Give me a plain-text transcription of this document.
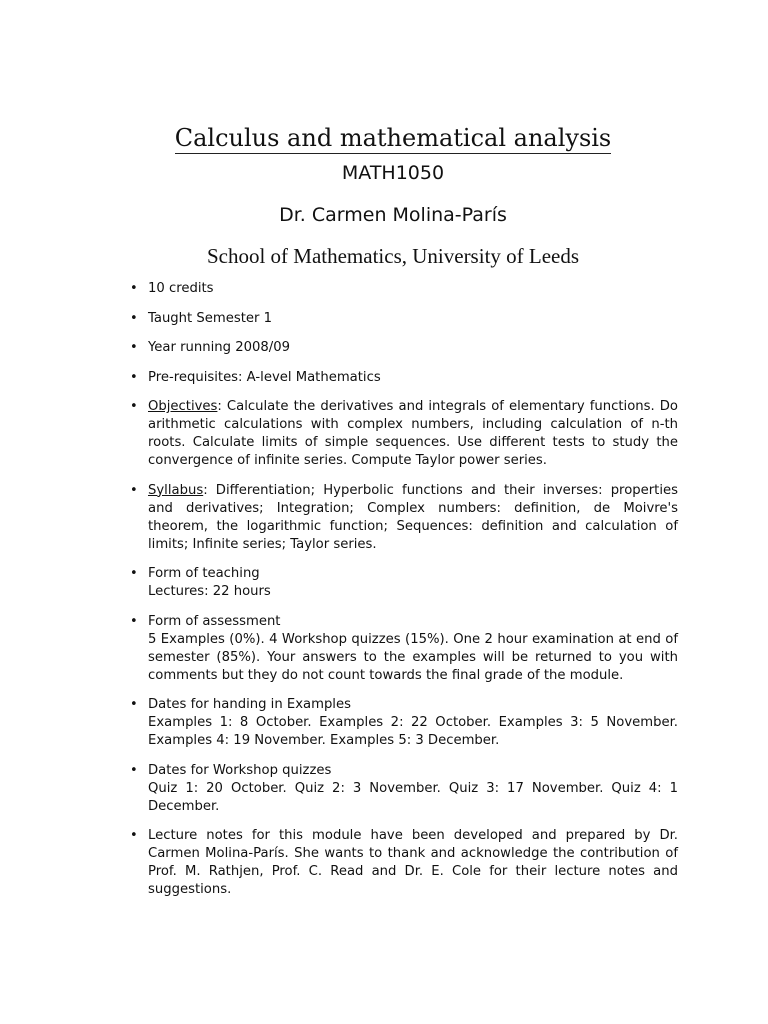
Calculus and mathematical analysis
MATH1050
Dr. Carmen Molina-París
School of Mathematics, University of Leeds
• 10 credits
• Taught Semester 1
• Year running 2008/09
• Pre-requisites: A-level Mathematics
• Objectives: Calculate the derivatives and integrals of elementary functions. Do arithmetic calculations with complex numbers, including calculation of n-th roots. Calculate limits of simple sequences. Use different tests to study the convergence of infinite series. Compute Taylor power series.
• Syllabus: Differentiation; Hyperbolic functions and their inverses: properties and derivatives; Integration; Complex numbers: definition, de Moivre's theorem, the logarithmic function; Sequences: definition and calculation of limits; Infinite series; Taylor series.
• Form of teaching
Lectures: 22 hours
• Form of assessment
5 Examples (0%). 4 Workshop quizzes (15%). One 2 hour examination at end of semester (85%). Your answers to the examples will be returned to you with comments but they do not count towards the final grade of the module.
• Dates for handing in Examples
Examples 1: 8 October. Examples 2: 22 October. Examples 3: 5 November. Examples 4: 19 November. Examples 5: 3 December.
• Dates for Workshop quizzes
Quiz 1: 20 October. Quiz 2: 3 November. Quiz 3: 17 November. Quiz 4: 1 December.
• Lecture notes for this module have been developed and prepared by Dr. Carmen Molina-París. She wants to thank and acknowledge the contribution of Prof. M. Rathjen, Prof. C. Read and Dr. E. Cole for their lecture notes and suggestions.
